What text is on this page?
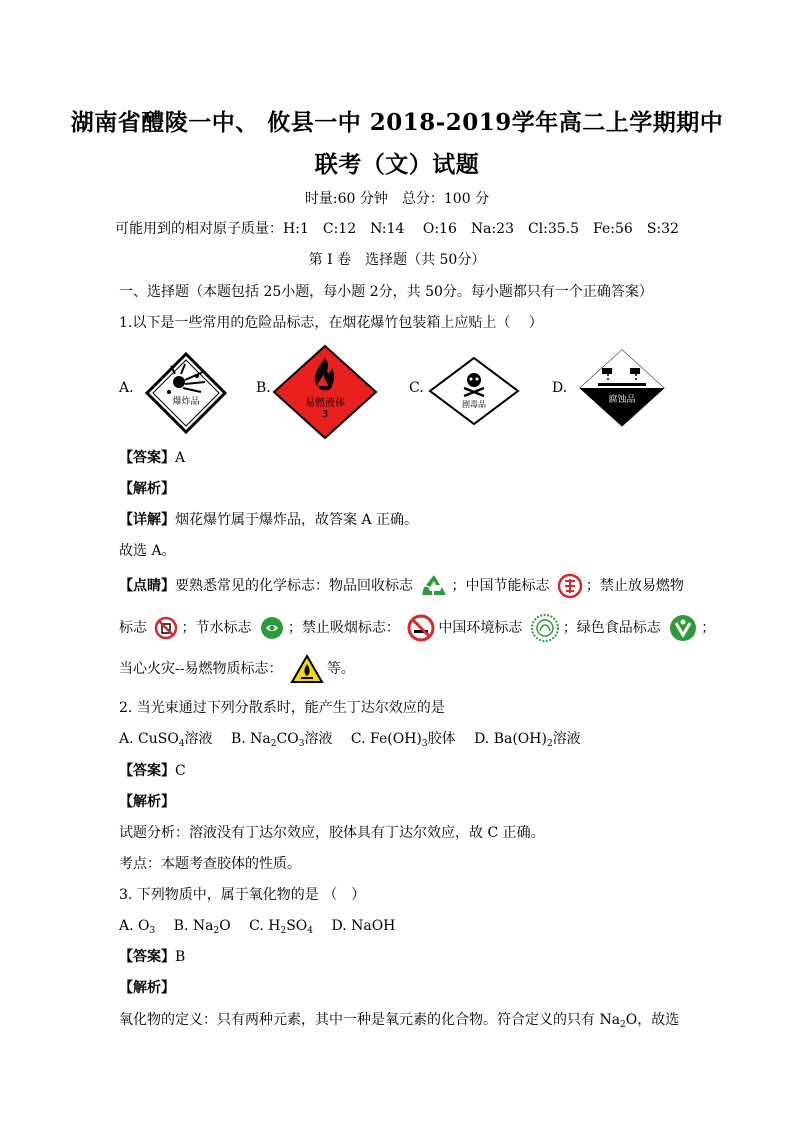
湖南省醴陵一中、 攸县一中 2018-2019学年高二上学期期中
联考（文）试题
时量:60 分钟　总分：100 分
可能用到的相对原子质量：H:1　C:12　N:14　 O:16　Na:23　Cl:35.5　Fe:56　S:32
第 I 卷　选择题（共 50分）
一、选择题（本题包括 25小题，每小题 2分，共 50分。每小题都只有一个正确答案）
1.以下是一些常用的危险品标志，在烟花爆竹包装箱上应贴上（　 ）
A.
爆炸品
B.
易燃液体
3
C.
剧毒品
D.
腐蚀品
【答案】A
【解析】
【详解】烟花爆竹属于爆炸品，故答案 A 正确。
故选 A。
【点睛】要熟悉常见的化学标志：物品回收标志	；中国节能标志	；禁止放易燃物
标志 ；节水标志	；禁止吸烟标志：	中国环境标志	；绿色食品标志	；
当心火灾--易燃物质标志：	等。
2. 当光束通过下列分散系时，能产生丁达尔效应的是
A. CuSO$_4$溶液　 B. $Na_2CO_3$溶液　 C. $Fe(OH)_3$胶体　 D. $Ba(OH)_2$溶液
【答案】C
【解析】
试题分析：溶液没有丁达尔效应，胶体具有丁达尔效应，故 C 正确。
考点：本题考查胶体的性质。
3. 下列物质中，属于氧化物的是 （　）
A. $O_3$　 B. $Na_2O$　 C. $H_2SO_4$　 D. NaOH
【答案】B
【解析】
氧化物的定义：只有两种元素，其中一种是氧元素的化合物。符合定义的只有 $Na_2O$，故选
